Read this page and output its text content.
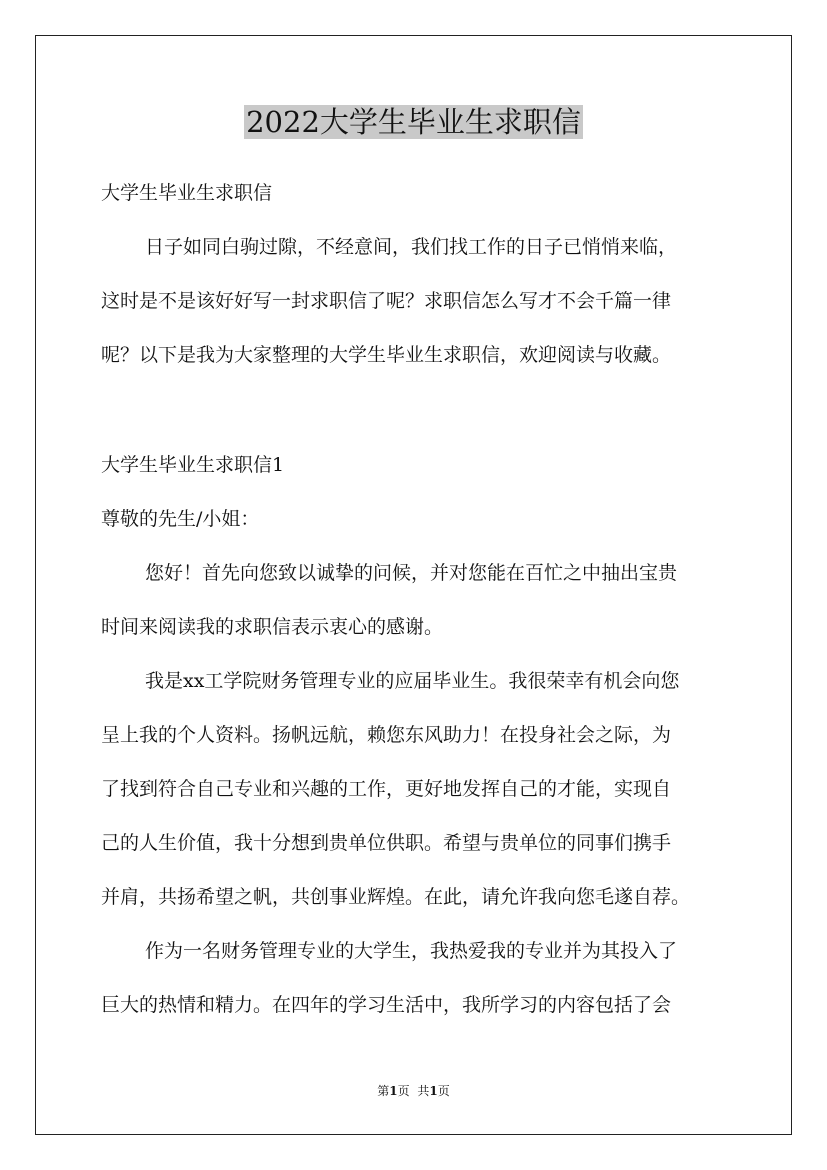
2022大学生毕业生求职信

大学生毕业生求职信

日子如同白驹过隙，不经意间，我们找工作的日子已悄悄来临，

这时是不是该好好写一封求职信了呢？求职信怎么写才不会千篇一律

呢？以下是我为大家整理的大学生毕业生求职信，欢迎阅读与收藏。

大学生毕业生求职信1

尊敬的先生/小姐：

您好！首先向您致以诚挚的问候，并对您能在百忙之中抽出宝贵

时间来阅读我的求职信表示衷心的感谢。

我是xx工学院财务管理专业的应届毕业生。我很荣幸有机会向您

呈上我的个人资料。扬帆远航，赖您东风助力！在投身社会之际，为

了找到符合自己专业和兴趣的工作，更好地发挥自己的才能，实现自

己的人生价值，我十分想到贵单位供职。希望与贵单位的同事们携手

并肩，共扬希望之帆，共创事业辉煌。在此，请允许我向您毛遂自荐。

作为一名财务管理专业的大学生，我热爱我的专业并为其投入了

巨大的热情和精力。在四年的学习生活中，我所学习的内容包括了会

第1页 共1页
